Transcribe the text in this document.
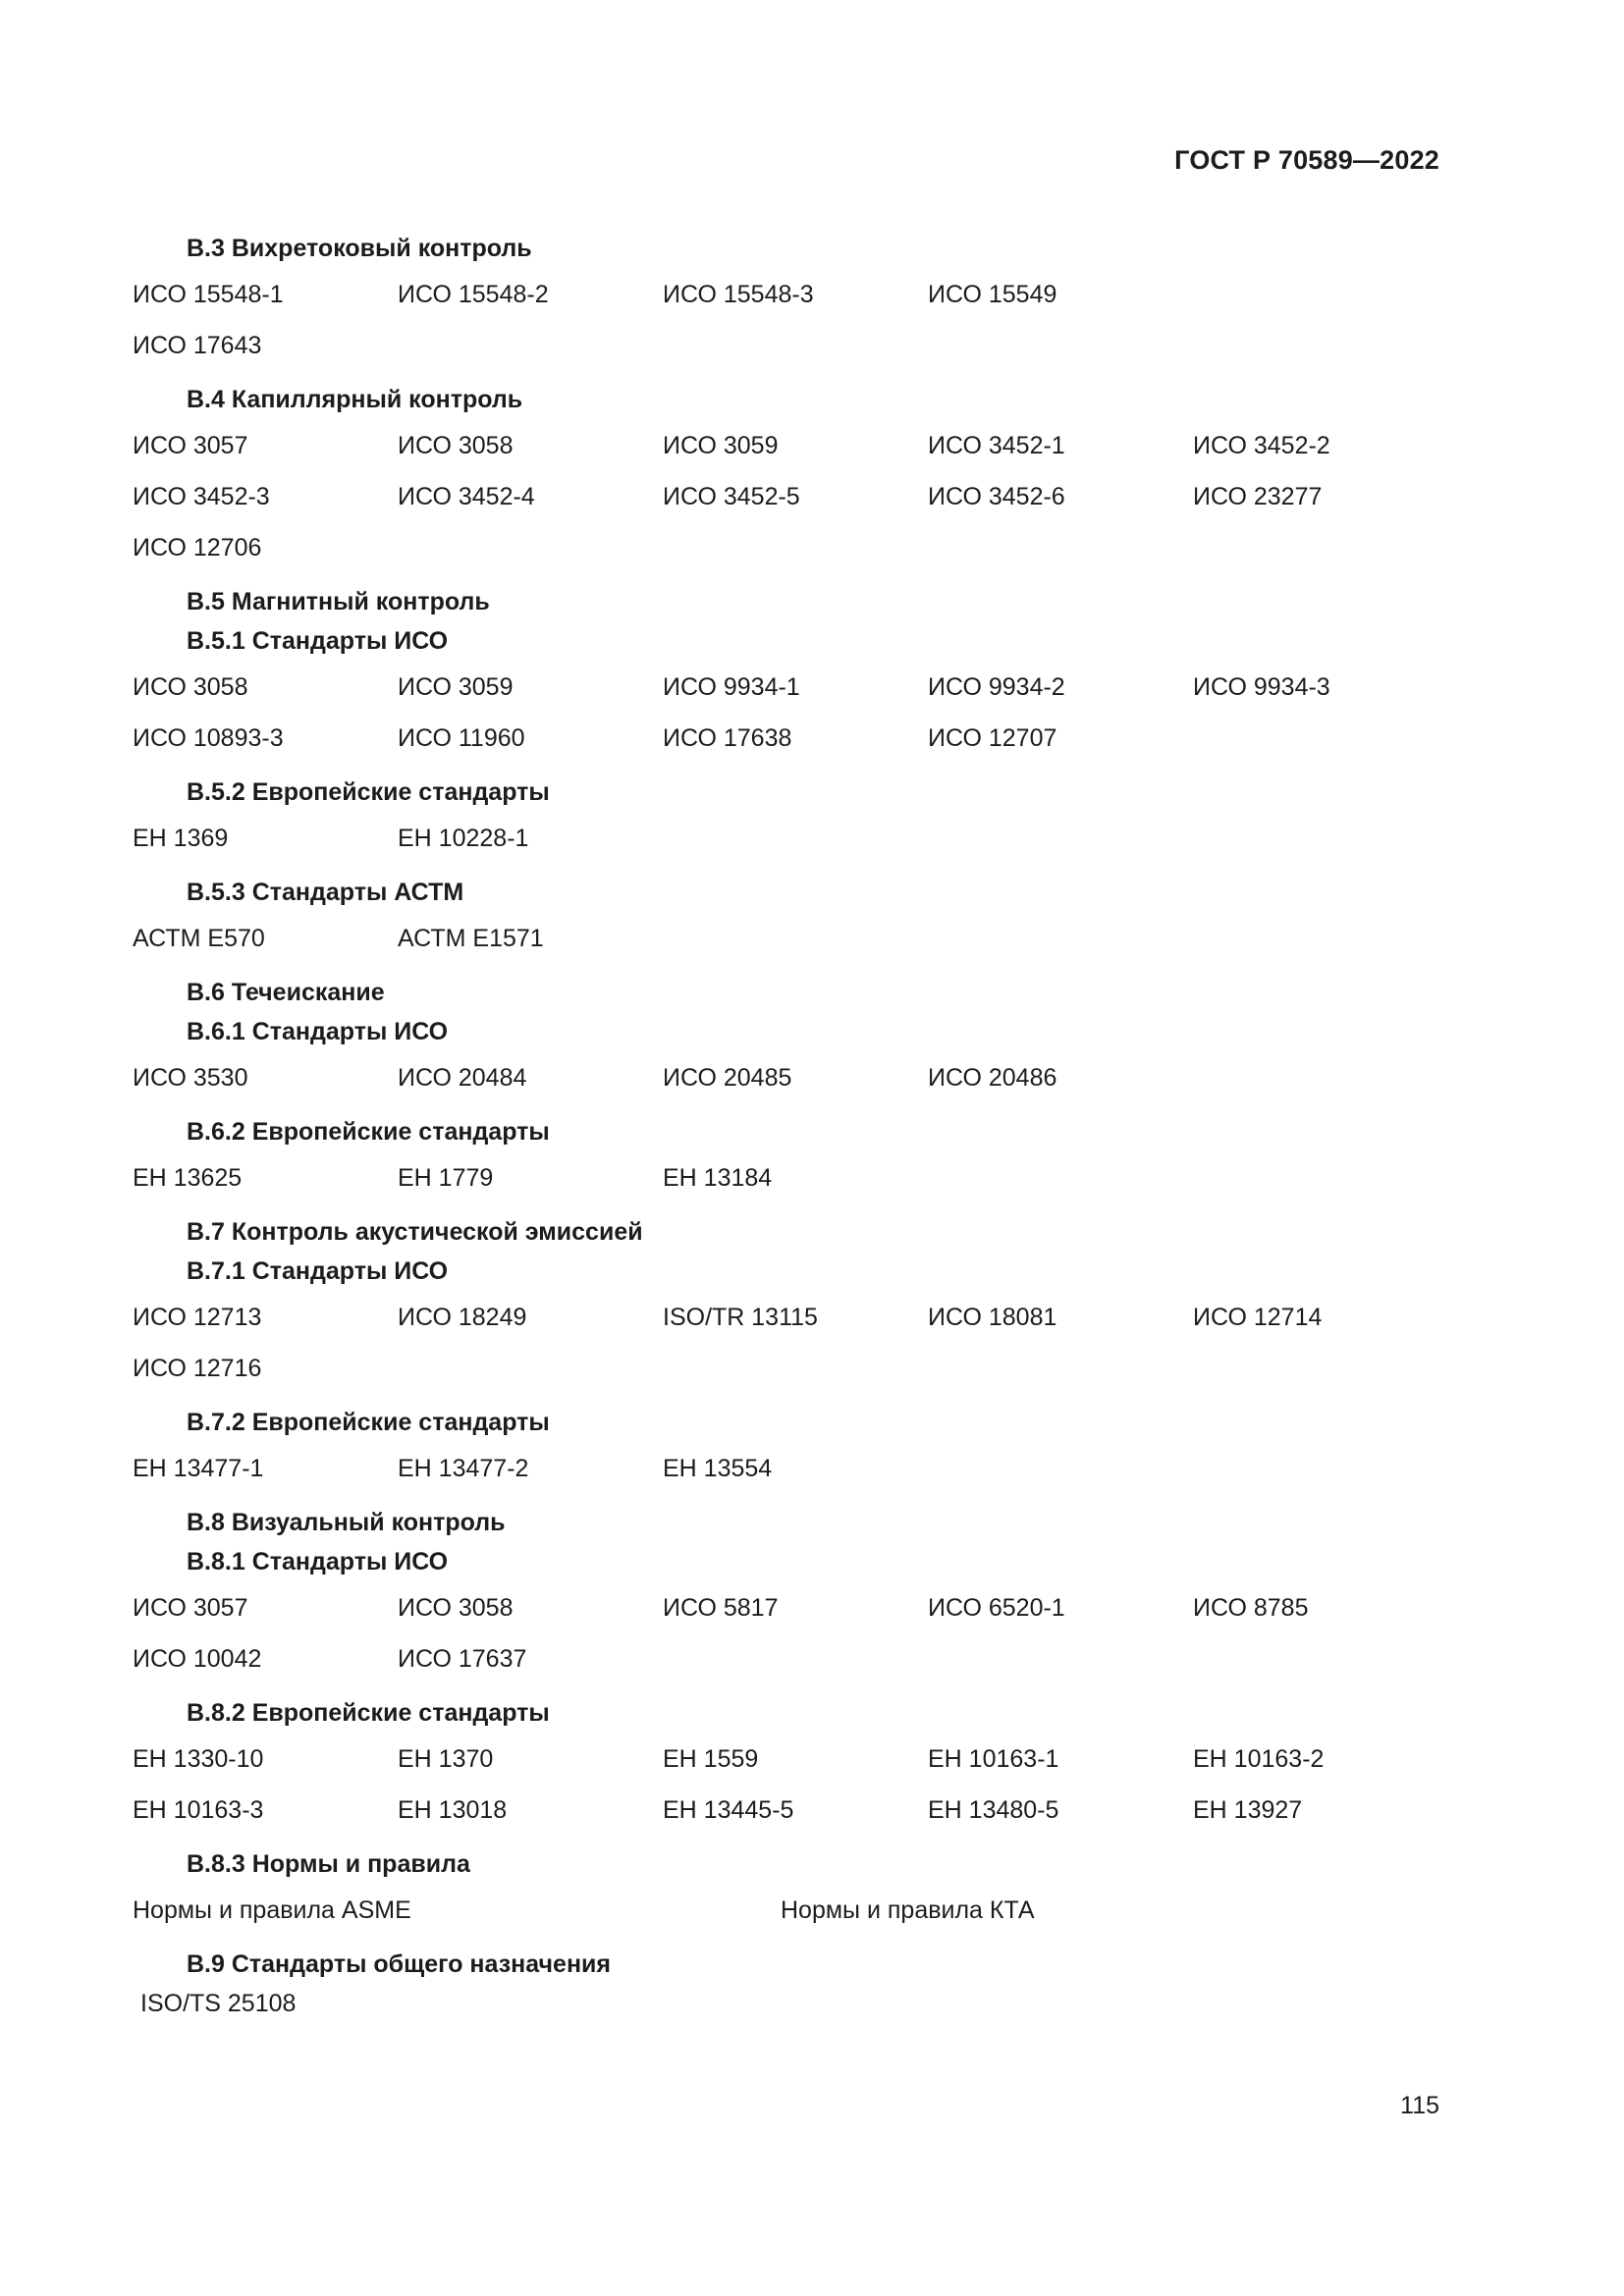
ГОСТ Р 70589—2022
В.3 Вихретоковый контроль
ИСО 15548-1	ИСО 15548-2	ИСО 15548-3	ИСО 15549
ИСО 17643
В.4 Капиллярный контроль
ИСО 3057	ИСО 3058	ИСО 3059	ИСО 3452-1	ИСО 3452-2
ИСО 3452-3	ИСО 3452-4	ИСО 3452-5	ИСО 3452-6	ИСО 23277
ИСО 12706
В.5 Магнитный контроль
В.5.1 Стандарты ИСО
ИСО 3058	ИСО 3059	ИСО 9934-1	ИСО 9934-2	ИСО 9934-3
ИСО 10893-3	ИСО 11960	ИСО 17638	ИСО 12707
В.5.2 Европейские стандарты
ЕН 1369	ЕН 10228-1
В.5.3 Стандарты АСТМ
АСТМ Е570	АСТМ Е1571
В.6 Течеискание
В.6.1 Стандарты ИСО
ИСО 3530	ИСО 20484	ИСО 20485	ИСО 20486
В.6.2 Европейские стандарты
ЕН 13625	ЕН 1779	ЕН 13184
В.7 Контроль акустической эмиссией
В.7.1 Стандарты ИСО
ИСО 12713	ИСО 18249	ISO/TR 13115	ИСО 18081	ИСО 12714
ИСО 12716
В.7.2 Европейские стандарты
ЕН 13477-1	ЕН 13477-2	ЕН 13554
В.8 Визуальный контроль
В.8.1 Стандарты ИСО
ИСО 3057	ИСО 3058	ИСО 5817	ИСО 6520-1	ИСО 8785
ИСО 10042	ИСО 17637
В.8.2 Европейские стандарты
ЕН 1330-10	ЕН 1370	ЕН 1559	ЕН 10163-1	ЕН 10163-2
ЕН 10163-3	ЕН 13018	ЕН 13445-5	ЕН 13480-5	ЕН 13927
В.8.3 Нормы и правила
Нормы и правила ASME	Нормы и правила КТА
В.9 Стандарты общего назначения
ISO/TS 25108
115
